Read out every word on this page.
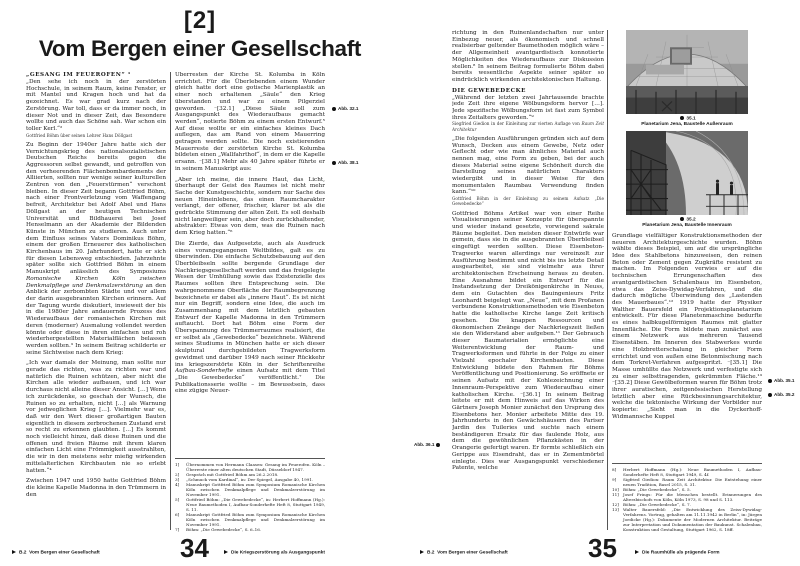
[2]
Vom Bergen einer Gesellschaft

„GESANG IM FEUEROFEN“ ¹

„Den sehe ich noch in der zerstörten Hochschule, in seinem Raum, keine Fenster, er mit Mantel und Kragen hoch und hat da gezeichnet. Es war grad kurz nach der Zerstörung. War toll, dass er da immer noch, in dieser Not und in dieser Zeit, das Besondere wollte und auch das Schöne sah. War schon ein toller Kerl.“²

Gottfried Böhm über seinen Lehrer Hans Döllgast

Zu Beginn der 1940er Jahre hatte sich der Vernichtungskrieg des nationalsozialistischen Deutschen Reichs bereits gegen die Aggressoren selbst gewandt, und getroffen von den verheerenden Flächenbombardements der Alliierten, sollten nur wenige seiner kulturellen Zentren von den „Feuerstürmen“ verschont bleiben. In dieser Zeit begann Gottfried Böhm, nach einer Frontverletzung vom Waffengang befreit, Architektur bei Adolf Abel und Hans Döllgast an der heutigen Technischen Universität und Bildhauerei bei Josef Henselmann an der Akademie der Bildenden Künste in München zu studieren. Auch unter dem Einfluss seines Vaters Dominikus Böhm, einem der großen Erneuerer des katholischen Kirchenbaus im 20. Jahrhundert, hatte er sich für diesen Lebensweg entschieden. Jahrzehnte später sollte sich Gottfried Böhm in einem Manuskript anlässlich des Symposiums Romanische Kirchen Köln zwischen Denkmalpflege und Denkmalzerstörung an den Anblick der zerbombten Städte und vor allem der darin ausgebrannten Kirchen erinnern. Auf der Tagung wurde diskutiert, inwieweit der bis in die 1980er Jahre andauernde Prozess des Wiederaufbaus der romanischen Kirchen mit deren (moderner) Ausmalung vollendet werden könnte oder diese in ihren einfachen und roh wiederhergestellten Materialflächen belassen werden sollten.³ In seinem Beitrag schilderte er seine Sichtweise nach dem Krieg:

„Ich war damals der Meinung, man sollte nur gerade das richten, was zu richten war und natürlich die Ruinen schützen, aber nicht die Kirchen alle wieder aufbauen, und ich war durchaus nicht alleine dieser Ansicht. […] Wenn ich zurückdenke, so geschah der Wunsch, die Ruinen so zu erhalten, nicht […] als Warnung vor jedweglichen Krieg […]. Vielmehr war es, daß wir den Wert dieser großartigen Bauten eigentlich in diesem zerbrochenen Zustand erst so recht zu erkennen glaubten. […] Es kommt noch vielleicht hinzu, daß diese Ruinen und die offenen und freien Räume mit ihrem klaren einfachen Licht eine Frömmigkeit ausstrahlten, die wir in den meistens sehr miefig wirkenden mittelalterlichen Kirchbauten nie so erlebt hatten.“⁴

Zwischen 1947 und 1950 hatte Gottfried Böhm die kleine Kapelle Madonna in den Trümmern in den

Überresten der Kirche St. Kolumba in Köln errichtet. Für die Überlebenden einem Wunder gleich hatte dort eine gotische Marienplastik an einer noch erhaltenen „Säule“ den Krieg überstanden und war zu einem Pilgerziel geworden. ⁻[32.1] „Diese Säule soll zum Ausgangspunkt des Wiederaufbaus gemacht werden“, notierte Böhm zu einem ersten Entwurf.⁵ Auf diese wollte er ein einfaches kleines Dach auflegen, das am Rand von einem Mauerring getragen werden sollte. Die noch existierenden Mauerreste der zerstörten Kirche St. Kolumba bildeten einen „Wallfahrthof“, in dem er die Kapelle ersann. ⁻[38.1] Mehr als 40 Jahre später führte er in seinem Manuskript aus:

„Aber ich meine, die innere Haut, das Licht, überhaupt der Geist des Raumes ist nicht mehr Sache der Kunstgeschichte, sondern nur Sache des neuen Hineinlebens, das einen Raumcharakter verlangt, der offener, frischer, klarer ist als die gedrückte Stimmung der alten Zeit. Es soll deshalb nicht langweiliger sein, aber doch zurückhaltender, abstrakter: Etwas von dem, was die Ruinen nach dem Krieg hatten.“⁶

Die Zierde, das Aufgesetzte, auch als Ausdruck eines vorangegangenen Weltbildes, galt es zu überwinden. Die einfache Schutzbebauung auf den Überbleibseln sollte bergende Grundlage der Nachkriegsgesellschaft werden und das freigelegte Wesen der Umhüllung sowie das Existenzielle des Raumes sollten ihre Entsprechung sein. Die wahrgenommene Oberfläche der Raumbegrenzung bezeichnete er dabei als „innere Haut“. Es ist nicht nur ein Begriff, sondern eine Idee, die auch im Zusammenhang mit dem letztlich gebauten Entwurf der Kapelle Madonna in den Trümmern auftaucht. Dort hat Böhm eine Form der Überspannung des Trümmerraumes realisiert, die er selbst als „Gewebedecke“ bezeichnete. Während seines Studiums in München hatte er sich dieser skulptural durchgebildeten Tragwerksform gewidmet und darüber 1949 nach seiner Rückkehr ins kriegszerstörte Köln in der Schriftenreihe Aufbau-Sonderhefte einen Aufsatz mit dem Titel „Die Gewebedecke“ veröffentlicht.⁷ Die Publikationsserie wollte – im Bewusstsein, dass eine zügige Neuer-

1]	Übernommen von Hermann Claasen: Gesang im Feuerofen. Köln – Überreste einer alten deutschen Stadt, Düsseldorf 1947.
2]	Gespräch mit Gottfried Böhm am 26.2.2018.
3]	„Schmuck vom Kardinal“, in: Der Spiegel, Ausgabe 40, 1991.
4]	Manuskript Gottfried Böhm zum Symposium Romanische Kirchen Köln zwischen Denkmalpflege und Denkmalzerstörung im November 1991.
5]	Gottfried Böhm: „Die Gewebedecke“, in: Herbert Hoffmann (Hg.): Neue Baumethoden I, Aufbau-Sonderhefte Heft 8, Stuttgart 1949, S. 11.
6]	Manuskript Gottfried Böhm zum Symposium Romanische Kirchen Köln zwischen Denkmalpflege und Denkmalzerstörung im November 1991.
7]	Böhm: „Die Gewebedecke“, S. 6–16.
Abb. 32.1
Abb. 38.1
B.2 Vom Bergen einer Gesellschaft	34	Die Kriegszerstörung als Ausgangspunkt

richtung in den Ruinenlandschaften nur unter Einbezug neuer, als ökonomisch und schnell realisierbar geltender Baumethoden möglich wäre – der Allgemeinheit avantgardistisch konnotierte Möglichkeiten des Wiederaufbaus zur Diskussion stellen.⁸ In seinem Beitrag formulierte Böhm dabei bereits wesentliche Aspekte seiner später so eindrücklich wirkenden architektonischen Haltung.

DIE GEWEBEDECKE

„Während der letzten zwei Jahrtausende brachte jede Zeit ihre eigene Wölbungsform hervor […]. Jede spezifische Wölbungsform ist fast zum Symbol ihres Zeitalters geworden.“⁹

Siegfried Giedion in der Einleitung zur vierten Auflage von Raum Zeit Architektur

„Die folgenden Ausführungen gründen sich auf dem Wunsch, Decken aus einem Gewebe, Netz oder Geflecht oder wie man ähnliches Material auch nennen mag, eine Form zu geben, bei der auch dieses Material seine eigene Schönheit durch die Darstellung seines natürlichen Charakters wiedergibt und in dieser Weise für den monumentalen Raumbau Verwendung finden kann.“¹⁰

Gottfried Böhm in der Einleitung zu seinem Aufsatz „Die Gewebedecke“

Gottfried Böhms Artikel war von einer Reihe Visualisierungen seiner Konzepte für überspannte und wieder instand gesetzte, vorwiegend sakrale Räume begleitet. Den meisten dieser Entwürfe war gemein, dass sie in die ausgebrannten Überbleibsel eingefügt werden sollten. Diese Eisenbeton-Tragwerke waren allerdings nur vereinzelt zur Ausführung bestimmt und nicht bis ins letzte Detail ausgearbeitet, sie sind vielmehr aus ihrer architektonischen Erscheinung heraus zu deuten. Eine Ausnahme bildet ein Entwurf für die Instandsetzung der Dreikönigenkirche in Neuss, dem ein Gutachten des Bauingenieurs Fritz Leonhardt beigelegt war. „Neue“, mit dem Profanen verbundene Konstruktionsmethoden wie Eisenbeton hatte die katholische Kirche lange Zeit kritisch gesehen. Die knappen Ressourcen und ökonomischen Zwänge der Nachkriegszeit ließen sie den Widerstand aber aufgeben.¹¹ Der Gebrauch dieser Baumaterialien ermöglichte eine Weiterentwicklung der Raum- und Tragwerksformen und führte in der Folge zu einer Vielzahl epochaler Kirchenbauten. Diese Entwicklung bildete den Rahmen für Böhms Veröffentlichung und Positionierung. So eröffnete er seinen Aufsatz mit der Kohlezeichnung einer Innenraum-Perspektive zum Wiederaufbau einer katholischen Kirche. ⁻[36.1] In seinem Beitrag leitete er mit dem Hinweis auf das Wirken des Gärtners Joseph Monier zunächst den Ursprung des Eisenbetons her. Monier arbeitete Mitte des 19. Jahrhunderts in den Gewächshäusern des Pariser Jardin des Tuileries und suchte nach einem beständigeren Ersatz für das faulende Holz, aus dem die gewöhnlichen Pflanzkästen in der Orangerie gefertigt waren. Er formte schließlich ein Gerippe aus Eisendraht, das er in Zementmörtel einlegte. Dies war Ausgangspunkt verschiedener Patente, welche

Abb. 36.1
35.1
Planetarium Jena, Baustelle Außenraum
35.2
Planetarium Jena, Baustelle Innenraum

Grundlage vielfältiger Konstruktionsmethoden der neueren Architekturgeschichte wurden. Böhm wählte dieses Beispiel, um auf die ursprüngliche Idee des Stahlbetons hinzuweisen, den reinen Beton oder Zement gegen Zugkräfte resistent zu machen. Im Folgenden verwies er auf die technischen Errungenschaften des avantgardistischen Schalenbaus im Eisenbeton, etwa das Zeiss-Dywidag-Verfahren, und die dadurch mögliche Überwindung des „Lastenden des Mauerbaues“.¹² 1919 hatte der Physiker Walther Bauersfeld ein Projektionsplanetarium entwickelt. Für diese Planetenmaschine bedurfte es eines halbkugelförmigen Raumes mit glatter Innenfläche. Die Form bildete man zunächst aus einem Netzwerk aus mehreren Tausend Eisenstäben. Im Inneren des Stabwerkes wurde eine Holzbretterschalung in gleicher Form errichtet und von außen eine Betonmischung nach dem Torkret-Verfahren aufgespritzt. ⁻[35.1] Die Masse umhüllte das Netzwerk und verfestigte sich zu einer selbsttragenden, gekrümmten Fläche.¹³ ⁻[35.2] Diese Gewölbeformen waren für Böhm trotz ihrer auratischen, zeitgenössischen Herstellung letztlich aber eine Rückbesinnungsarchitektur, welche die tektonische Wirkung der Vorbilder nur kopierte: „Sieht man in die Dyckerhoff-Widmannsche Kuppel

8]	Herbert Hoffmann (Hg.): Neue Baumethoden I, Aufbau-Sonderhefte Heft 8, Stuttgart 1949, S. 4f.
9]	Sigfried Giedion: Raum Zeit Architektur. Die Entstehung einer neuen Tradition, Basel 2015, S. 31.
10]	Böhm: „Die Gewebedecke“, S. 5.
11]	Josef Frings: Für die Menschen bestellt. Erinnerungen des Alterzbischofs von Köln, Köln 1973, S. 98 und S. 113.
12]	Böhm: „Die Gewebedecke“, S. 7.
13]	Walter Bauersfeld: „Die Entwicklung des Zeiss-Dywidag-Verfahrens. Vortrag, gehalten am 11.11.1942 in Berlin“, in: Jürgen Joedicke (Hg.): Dokumente der Modernen Architektur. Beiträge zur Interpretation und Dokumentation der Baukunst. Schalenbau, Konstruktion und Gestaltung, Stuttgart 1962, S. 18ff.
Abb. 35.1
Abb. 35.2
B.2 Vom Bergen einer Gesellschaft	35	Die Raumhülle als prägende Form
